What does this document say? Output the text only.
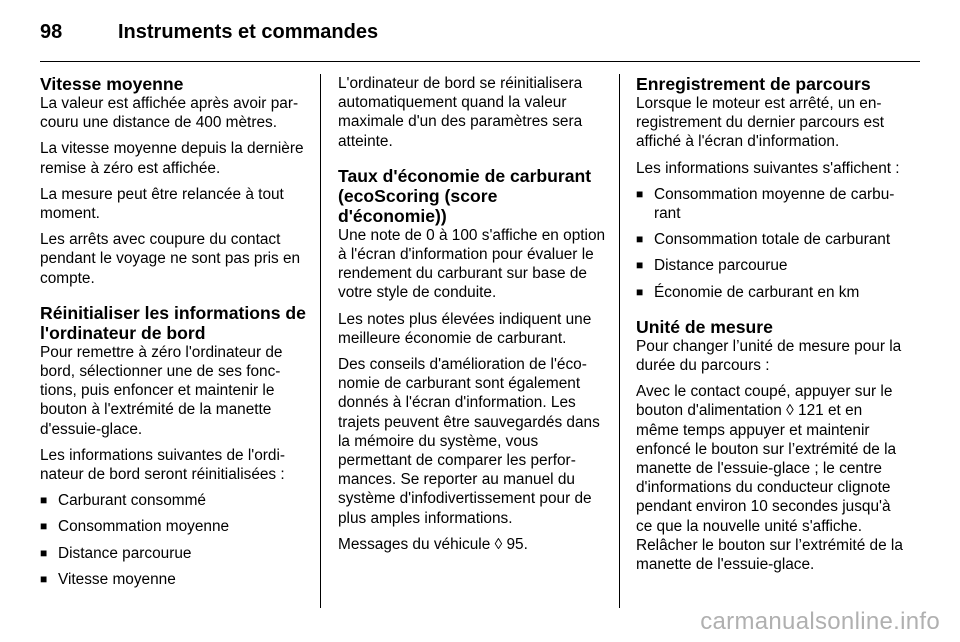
98	Instruments et commandes
Vitesse moyenne

La valeur est affichée après avoir parcouru une distance de 400 mètres.

La vitesse moyenne depuis la dernière remise à zéro est affichée.

La mesure peut être relancée à tout moment.

Les arrêts avec coupure du contact pendant le voyage ne sont pas pris en compte.

Réinitialiser les informations de l'ordinateur de bord

Pour remettre à zéro l'ordinateur de bord, sélectionner une de ses fonctions, puis enfoncer et maintenir le bouton à l'extrémité de la manette d'essuie-glace.

Les informations suivantes de l'ordinateur de bord seront réinitialisées :

■ Carburant consommé
■ Consommation moyenne
■ Distance parcourue
■ Vitesse moyenne

L'ordinateur de bord se réinitialisera automatiquement quand la valeur maximale d'un des paramètres sera atteinte.

Taux d'économie de carburant (ecoScoring (score d'économie))

Une note de 0 à 100 s'affiche en option à l'écran d'information pour évaluer le rendement du carburant sur base de votre style de conduite.

Les notes plus élevées indiquent une meilleure économie de carburant.

Des conseils d'amélioration de l'économie de carburant sont également donnés à l'écran d'information. Les trajets peuvent être sauvegardés dans la mémoire du système, vous permettant de comparer les performances. Se reporter au manuel du système d'infodivertissement pour de plus amples informations.

Messages du véhicule ◊ 95.

Enregistrement de parcours

Lorsque le moteur est arrêté, un enregistrement du dernier parcours est affiché à l'écran d'information.

Les informations suivantes s'affichent :

■ Consommation moyenne de carburant
■ Consommation totale de carburant
■ Distance parcourue
■ Économie de carburant en km
Unité de mesure

Pour changer l’unité de mesure pour la durée du parcours :

Avec le contact coupé, appuyer sur le bouton d'alimentation ◊ 121 et en même temps appuyer et maintenir enfoncé le bouton sur l’extrémité de la manette de l'essuie-glace ; le centre d'informations du conducteur clignote pendant environ 10 secondes jusqu'à ce que la nouvelle unité s'affiche. Relâcher le bouton sur l’extrémité de la manette de l'essuie-glace.

carmanualsonline.info
